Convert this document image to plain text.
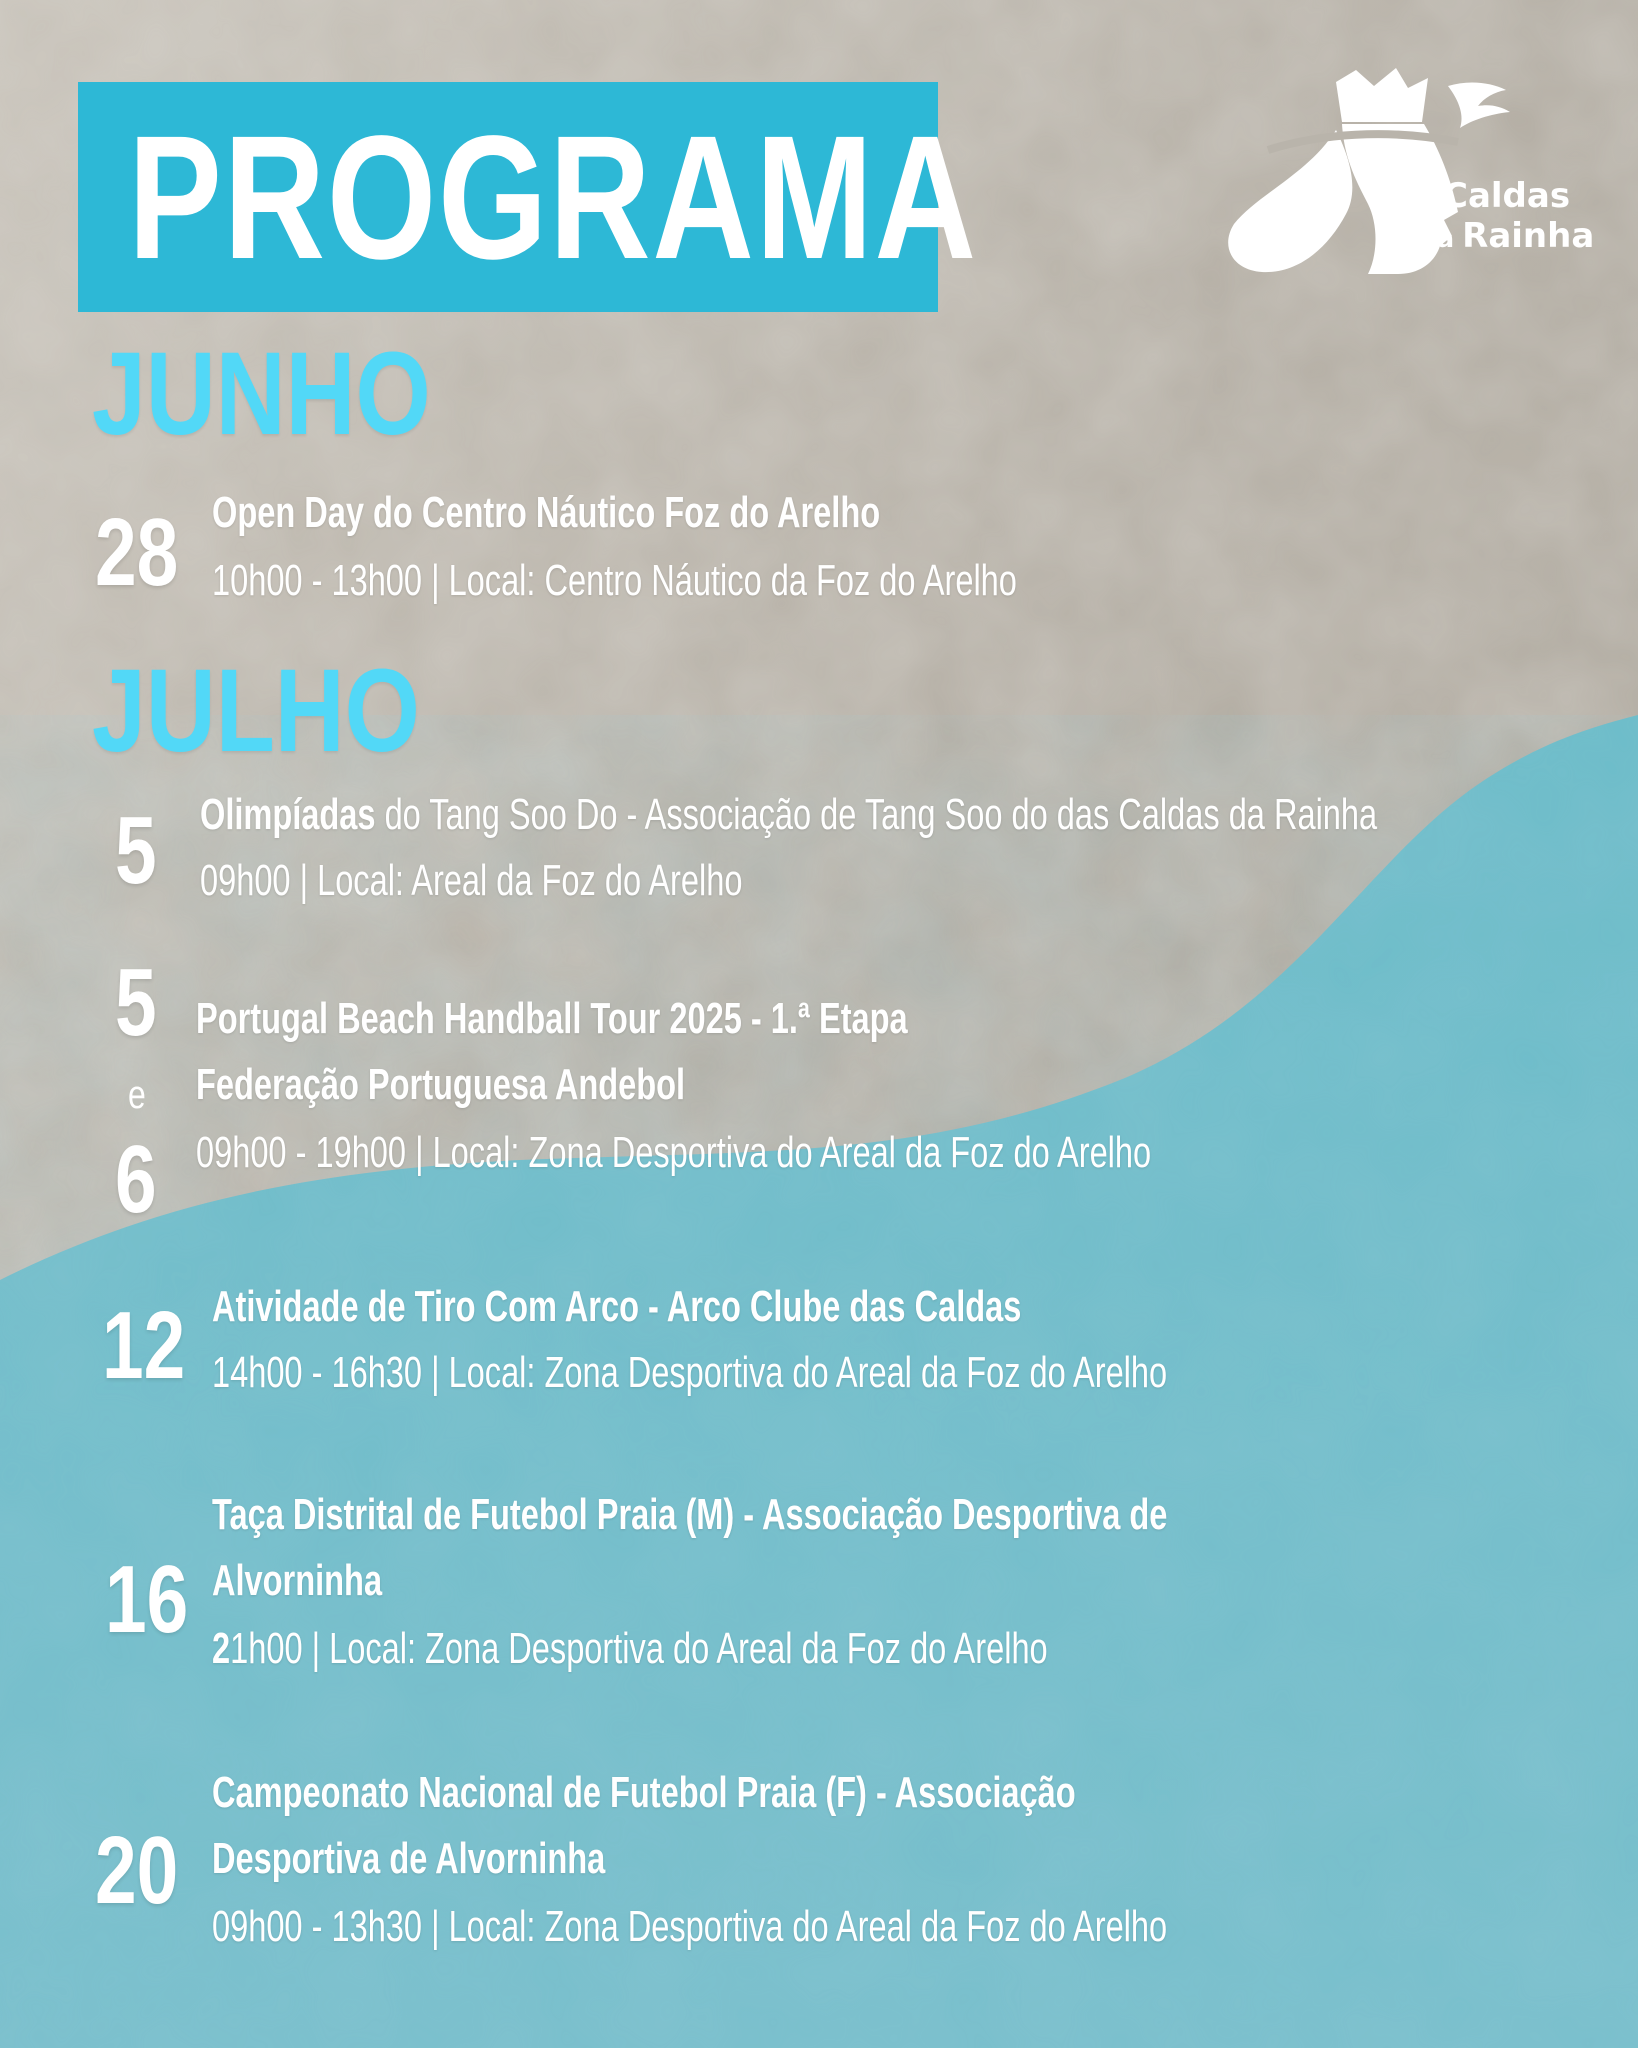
PROGRAMA	Caldas
da Rainha
JUNHO
28 Open Day do Centro Náutico Foz do Arelho
10h00 - 13h00 | Local: Centro Náutico da Foz do Arelho
JULHO
5 Olimpíadas do Tang Soo Do - Associação de Tang Soo do das Caldas da Rainha
09h00 | Local: Areal da Foz do Arelho
5
e
6
Portugal Beach Handball Tour 2025 - 1.ª Etapa
Federação Portuguesa Andebol
09h00 - 19h00 | Local: Zona Desportiva do Areal da Foz do Arelho
12 Atividade de Tiro Com Arco - Arco Clube das Caldas
14h00 - 16h30 | Local: Zona Desportiva do Areal da Foz do Arelho
16
Taça Distrital de Futebol Praia (M) - Associação Desportiva de
Alvorninha
21h00 | Local: Zona Desportiva do Areal da Foz do Arelho
20
Campeonato Nacional de Futebol Praia (F) - Associação
Desportiva de Alvorninha
09h00 - 13h30 | Local: Zona Desportiva do Areal da Foz do Arelho
